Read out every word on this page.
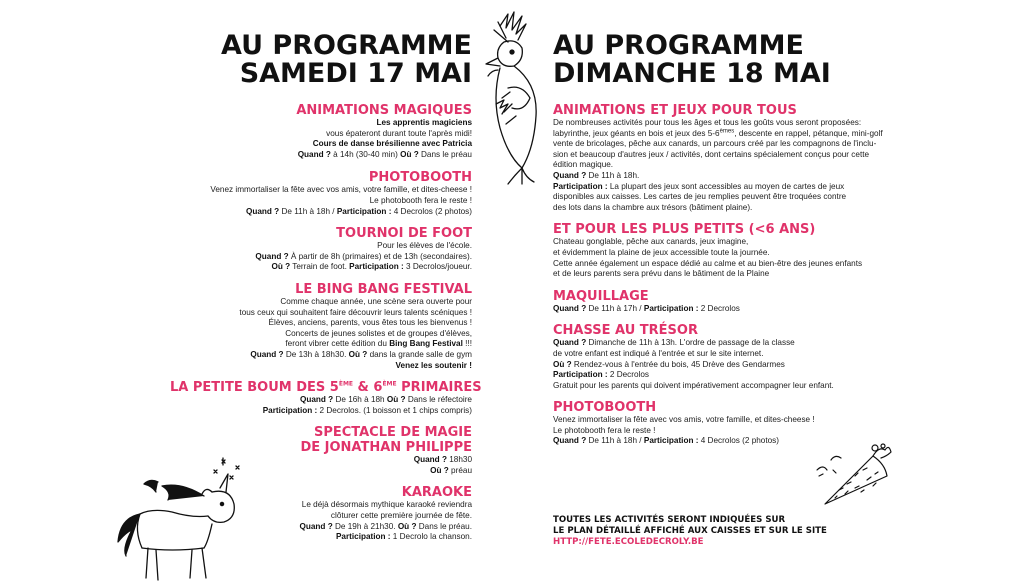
AU PROGRAMME
SAMEDI 17 MAI
ANIMATIONS MAGIQUES
Les apprentis magiciens
vous épateront durant toute l'après midi!
Cours de danse brésilienne avec Patricia
Quand ? à 14h (30-40 min) Où ? Dans le préau
PHOTOBOOTH
Venez immortaliser la fête avec vos amis, votre famille, et dites-cheese !
Le photobooth fera le reste !
Quand ? De 11h à 18h / Participation : 4 Decrolos (2 photos)
TOURNOI DE FOOT
Pour les élèves de l'école.
Quand ? À partir de 8h (primaires) et de 13h (secondaires).
Où ? Terrain de foot. Participation : 3 Decrolos/joueur.
LE BING BANG FESTIVAL
Comme chaque année, une scène sera ouverte pour
tous ceux qui souhaitent faire découvrir leurs talents scéniques !
Élèves, anciens, parents, vous êtes tous les bienvenus !
Concerts de jeunes solistes et de groupes d'élèves,
feront vibrer cette édition du Bing Bang Festival !!!
Quand ? De 13h à 18h30. Où ? dans la grande salle de gym
Venez les soutenir !
LA PETITE BOUM DES 5ÈME & 6ÈME PRIMAIRES
Quand ? De 16h à 18h Où ? Dans le réfectoire
Participation : 2 Decrolos. (1 boisson et 1 chips compris)
SPECTACLE DE MAGIE
DE JONATHAN PHILIPPE
Quand ? 18h30
Où ? préau
KARAOKE
Le déjà désormais mythique karaoké reviendra
clôturer cette première journée de fête.
Quand ? De 19h à 21h30. Où ? Dans le préau.
Participation : 1 Decrolo la chanson.
AU PROGRAMME
DIMANCHE 18 MAI
ANIMATIONS ET JEUX POUR TOUS
De nombreuses activités pour tous les âges et tous les goûts vous seront proposées:
labyrinthe, jeux géants en bois et jeux des 5-6èmes, descente en rappel, pétanque, mini-golf
vente de bricolages, pêche aux canards, un parcours créé par les compagnons de l'inclu-
sion et beaucoup d'autres jeux / activités, dont certains spécialement conçus pour cette
édition magique.
Quand ? De 11h à 18h.
Participation : La plupart des jeux sont accessibles au moyen de cartes de jeux
disponibles aux caisses. Les cartes de jeu remplies peuvent être troquées contre
des lots dans la chambre aux trésors (bâtiment plaine).
ET POUR LES PLUS PETITS (<6 ANS)
Chateau gonglable, pêche aux canards, jeux imagine,
et évidemment la plaine de jeux accessible toute la journée.
Cette année également un espace dédié au calme et au bien-être des jeunes enfants
et de leurs parents sera prévu dans le bâtiment de la Plaine
MAQUILLAGE
Quand ? De 11h à 17h / Participation : 2 Decrolos
CHASSE AU TRÉSOR
Quand ? Dimanche de 11h à 13h. L'ordre de passage de la classe
de votre enfant est indiqué à l'entrée et sur le site internet.
Où ? Rendez-vous à l'entrée du bois, 45 Drève des Gendarmes
Participation : 2 Decrolos
Gratuit pour les parents qui doivent impérativement accompagner leur enfant.
PHOTOBOOTH
Venez immortaliser la fête avec vos amis, votre famille, et dites-cheese !
Le photobooth fera le reste !
Quand ? De 11h à 18h / Participation : 4 Decrolos (2 photos)
TOUTES LES ACTIVITÉS SERONT INDIQUÉES SUR
LE PLAN DÉTAILLÉ AFFICHÉ AUX CAISSES ET SUR LE SITE
HTTP://FETE.ECOLEDECROLY.BE
